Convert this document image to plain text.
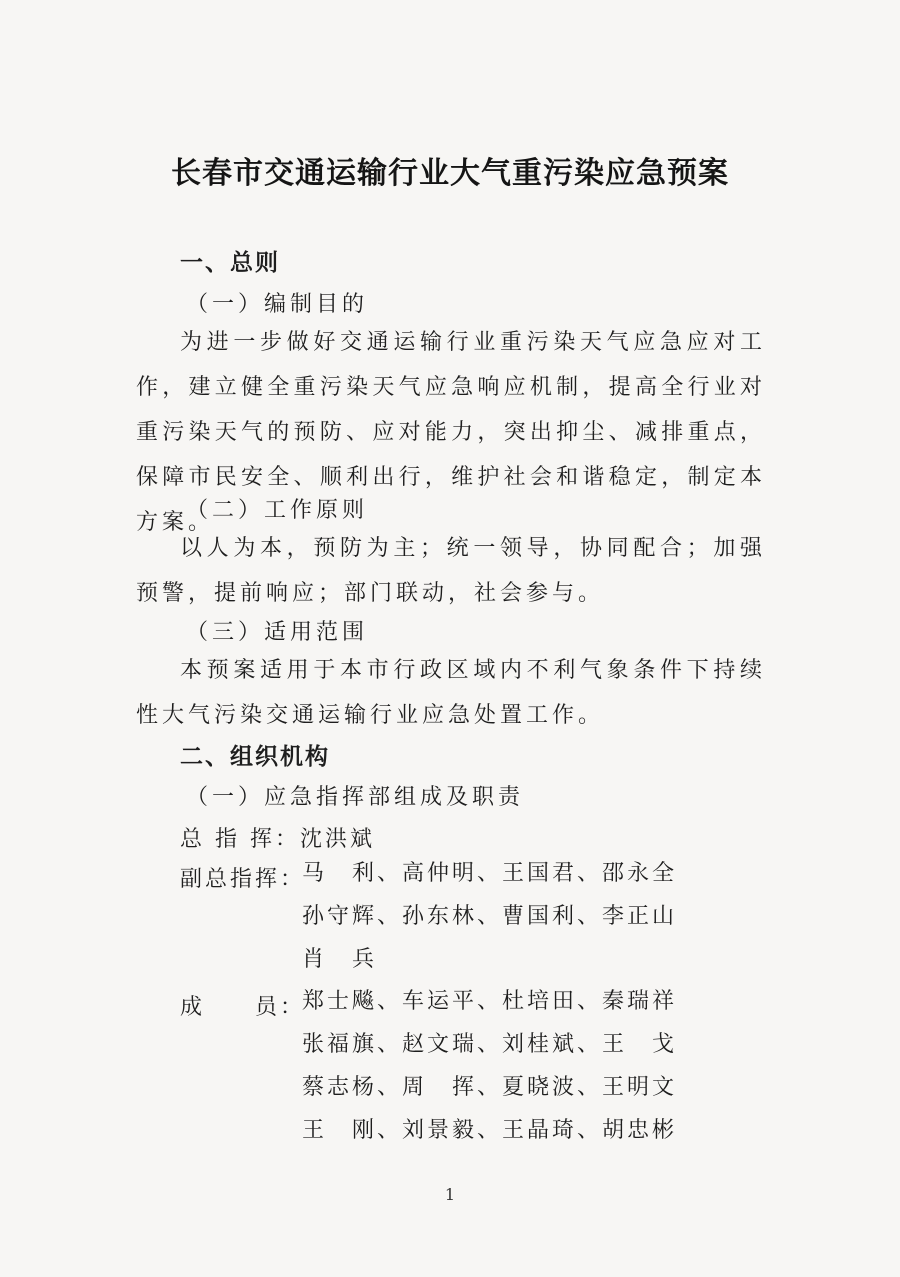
长春市交通运输行业大气重污染应急预案
一、总则
（一）编制目的
为进一步做好交通运输行业重污染天气应急应对工作，建立健全重污染天气应急响应机制，提高全行业对重污染天气的预防、应对能力，突出抑尘、减排重点，保障市民安全、顺利出行，维护社会和谐稳定，制定本方案。
（二）工作原则
以人为本，预防为主；统一领导，协同配合；加强预警，提前响应；部门联动，社会参与。
（三）适用范围
本预案适用于本市行政区域内不利气象条件下持续性大气污染交通运输行业应急处置工作。
二、组织机构
（一）应急指挥部组成及职责
总 指 挥：沈洪斌
副总指挥：
马　利、高仲明、王国君、邵永全
孙守辉、孙东林、曹国利、李正山
肖　兵
成　　员：
郑士飚、车运平、杜培田、秦瑞祥
张福旗、赵文瑞、刘桂斌、王　戈
蔡志杨、周　挥、夏晓波、王明文
王　刚、刘景毅、王晶琦、胡忠彬
1
